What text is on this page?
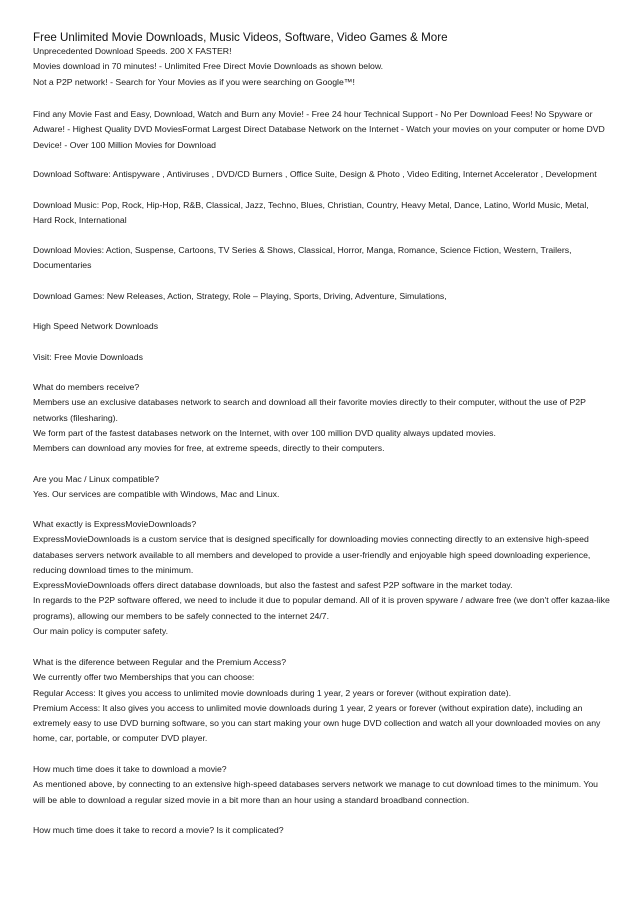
Free Unlimited Movie Downloads, Music Videos, Software, Video Games & More
Unprecedented Download Speeds. 200 X FASTER!
Movies download in 70 minutes! - Unlimited Free Direct Movie Downloads as shown below.
Not a P2P network! - Search for Your Movies as if you were searching on Google™!
Find any Movie Fast and Easy, Download, Watch and Burn any Movie! - Free 24 hour Technical Support - No Per Download Fees! No Spyware or
Adware! - Highest Quality DVD MoviesFormat Largest Direct Database Network on the Internet - Watch your movies on your computer or home DVD
Device! - Over 100 Million Movies for Download
Download Software: Antispyware , Antiviruses , DVD/CD Burners , Office Suite, Design & Photo , Video Editing, Internet Accelerator , Development
Download Music: Pop, Rock, Hip-Hop, R&B, Classical, Jazz, Techno, Blues, Christian, Country, Heavy Metal, Dance, Latino, World Music, Metal,
Hard Rock, International
Download Movies: Action, Suspense, Cartoons, TV Series & Shows, Classical, Horror, Manga, Romance, Science Fiction, Western, Trailers,
Documentaries
Download Games: New Releases, Action, Strategy, Role – Playing, Sports, Driving, Adventure, Simulations,
High Speed Network Downloads
Visit: Free Movie Downloads
What do members receive?
Members use an exclusive databases network to search and download all their favorite movies directly to their computer, without the use of P2P
networks (filesharing).
We form part of the fastest databases network on the Internet, with over 100 million DVD quality always updated movies.
Members can download any movies for free, at extreme speeds, directly to their computers.
Are you Mac / Linux compatible?
Yes. Our services are compatible with Windows, Mac and Linux.
What exactly is ExpressMovieDownloads?
ExpressMovieDownloads is a custom service that is designed specifically for downloading movies connecting directly to an extensive high-speed
databases servers network available to all members and developed to provide a user-friendly and enjoyable high speed downloading experience,
reducing download times to the minimum.
ExpressMovieDownloads offers direct database downloads, but also the fastest and safest P2P software in the market today.
In regards to the P2P software offered, we need to include it due to popular demand. All of it is proven spyware / adware free (we don't offer kazaa-like
programs), allowing our members to be safely connected to the internet 24/7.
Our main policy is computer safety.
What is the diference between Regular and the Premium Access?
We currently offer two Memberships that you can choose:
Regular Access: It gives you access to unlimited movie downloads during 1 year, 2 years or forever (without expiration date).
Premium Access: It also gives you access to unlimited movie downloads during 1 year, 2 years or forever (without expiration date), including an
extremely easy to use DVD burning software, so you can start making your own huge DVD collection and watch all your downloaded movies on any
home, car, portable, or computer DVD player.
How much time does it take to download a movie?
As mentioned above, by connecting to an extensive high-speed databases servers network we manage to cut download times to the minimum. You
will be able to download a regular sized movie in a bit more than an hour using a standard broadband connection.
How much time does it take to record a movie? Is it complicated?
